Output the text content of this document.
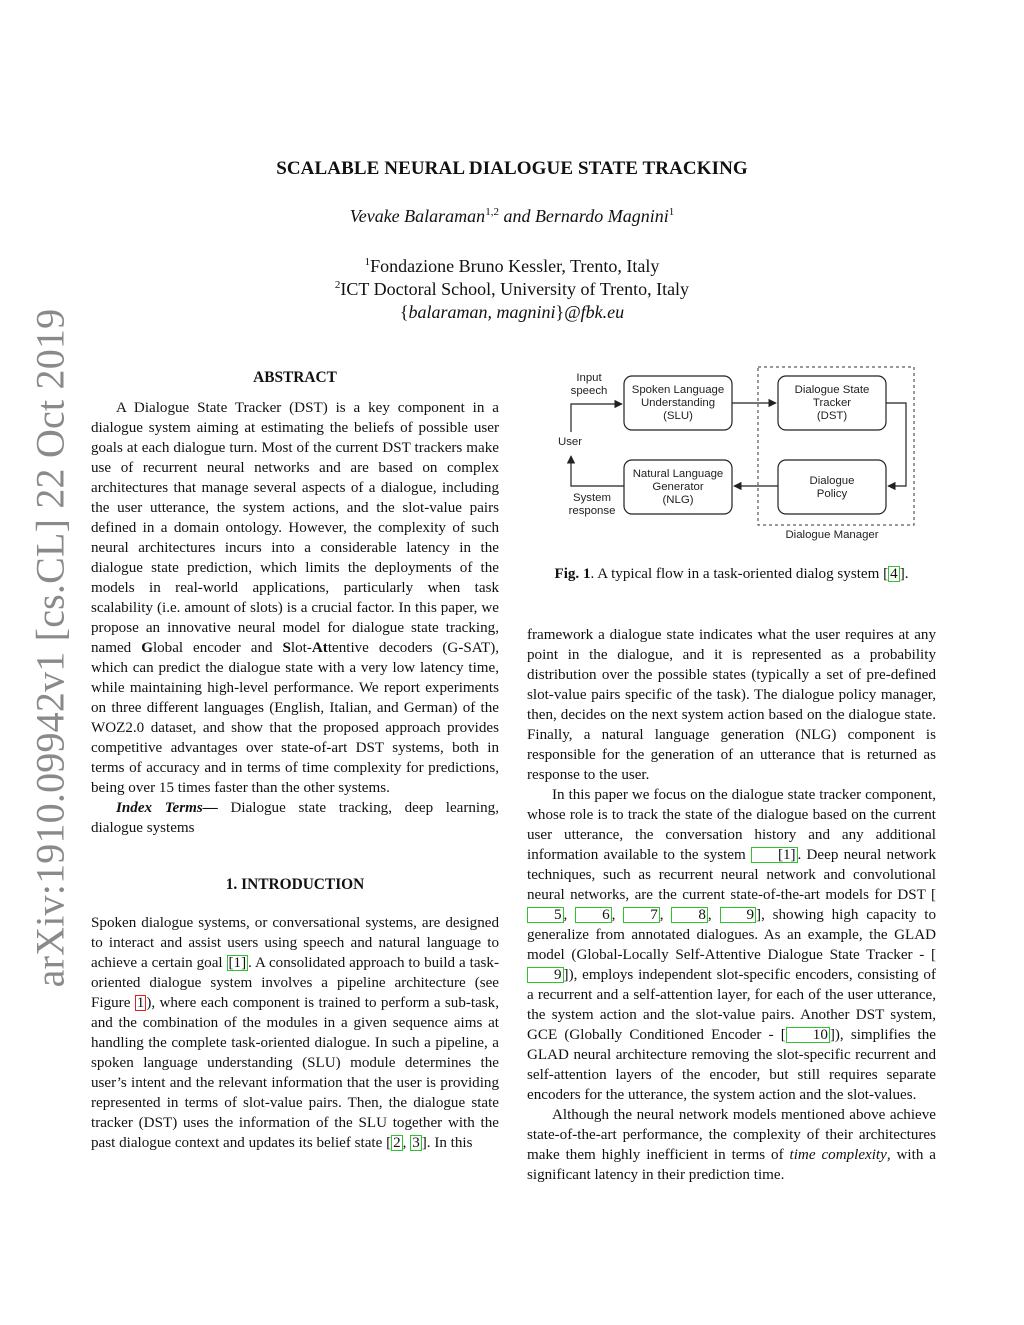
arXiv:1910.09942v1 [cs.CL] 22 Oct 2019
SCALABLE NEURAL DIALOGUE STATE TRACKING
Vevake Balaraman$^{1,2}$ and Bernardo Magnini$^1$
$^1$Fondazione Bruno Kessler, Trento, Italy
$^2$ICT Doctoral School, University of Trento, Italy
{balaraman, magnini}@fbk.eu
ABSTRACT

A Dialogue State Tracker (DST) is a key component in a dialogue system aiming at estimating the beliefs of possible user goals at each dialogue turn. Most of the current DST trackers make use of recurrent neural networks and are based on complex architectures that manage several aspects of a dialogue, including the user utterance, the system actions, and the slot-value pairs defined in a domain ontology. However, the complexity of such neural architectures incurs into a considerable latency in the dialogue state prediction, which limits the deployments of the models in real-world applications, particularly when task scalability (i.e. amount of slots) is a crucial factor. In this paper, we propose an innovative neural model for dialogue state tracking, named Global encoder and Slot-Attentive decoders (G-SAT), which can predict the dialogue state with a very low latency time, while maintaining high-level performance. We report experiments on three different languages (English, Italian, and German) of the WOZ2.0 dataset, and show that the proposed approach provides competitive advantages over state-of-art DST systems, both in terms of accuracy and in terms of time complexity for predictions, being over 15 times faster than the other systems.

Index Terms— Dialogue state tracking, deep learning, dialogue systems

1. INTRODUCTION

Spoken dialogue systems, or conversational systems, are designed to interact and assist users using speech and natural language to achieve a certain goal [1] . A consolidated approach to build a task-oriented dialogue system involves a pipeline architecture (see Figure 1 ), where each component is trained to perform a sub-task, and the combination of the modules in a given sequence aims at handling the complete task-oriented dialogue. In such a pipeline, a spoken language understanding (SLU) module determines the user’s intent and the relevant information that the user is providing represented in terms of slot-value pairs. Then, the dialogue state tracker (DST) uses the information of the SLU together with the past dialogue context and updates its belief state [ 2 , 3 ]. In this

Input
speech
User
System
response
Spoken Language
Understanding
(SLU)
Dialogue State
Tracker
(DST)
Natural Language
Generator
(NLG)
Dialogue
Policy
Dialogue Manager
Fig. 1. A typical flow in a task-oriented dialog system [ 4 ].

framework a dialogue state indicates what the user requires at any point in the dialogue, and it is represented as a probability distribution over the possible states (typically a set of pre-defined slot-value pairs specific of the task). The dialogue policy manager, then, decides on the next system action based on the dialogue state. Finally, a natural language generation (NLG) component is responsible for the generation of an utterance that is returned as response to the user.

In this paper we focus on the dialogue state tracker component, whose role is to track the state of the dialogue based on the current user utterance, the conversation history and any additional information available to the system [1] . Deep neural network techniques, such as recurrent neural network and convolutional neural networks, are the current state-of-the-art models for DST [5 , 6 , 7 , 8 , 9 ], showing high capacity to generalize from annotated dialogues. As an example, the GLAD model (Global-Locally Self-Attentive Dialogue State Tracker - [9 ]), employs independent slot-specific encoders, consisting of a recurrent and a self-attention layer, for each of the user utterance, the system action and the slot-value pairs. Another DST system, GCE (Globally Conditioned Encoder - [ 10 ]), simplifies the GLAD neural architecture removing the slot-specific recurrent and self-attention layers of the encoder, but still requires separate encoders for the utterance, the system action and the slot-values.

Although the neural network models mentioned above achieve state-of-the-art performance, the complexity of their architectures make them highly inefficient in terms of time complexity, with a significant latency in their prediction time.
